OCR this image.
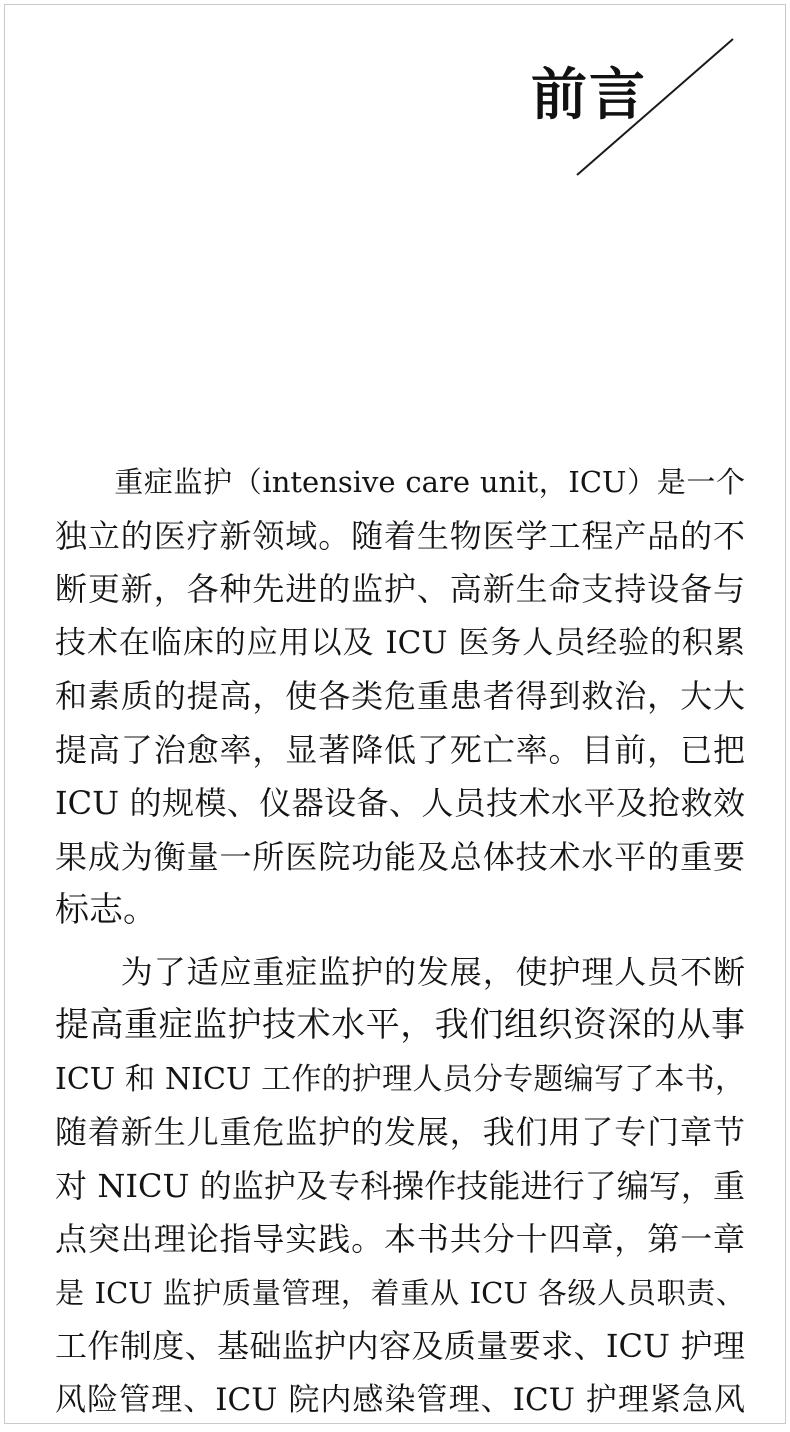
前言
　　重症监护（intensive care unit，ICU）是一个
独立的医疗新领域。随着生物医学工程产品的不
断更新，各种先进的监护、高新生命支持设备与
技术在临床的应用以及 ICU 医务人员经验的积累
和素质的提高，使各类危重患者得到救治，大大
提高了治愈率，显著降低了死亡率。目前，已把
ICU 的规模、仪器设备、人员技术水平及抢救效
果成为衡量一所医院功能及总体技术水平的重要
标志。
　　为了适应重症监护的发展，使护理人员不断
提高重症监护技术水平，我们组织资深的从事
ICU 和 NICU 工作的护理人员分专题编写了本书，
随着新生儿重危监护的发展，我们用了专门章节
对 NICU 的监护及专科操作技能进行了编写，重
点突出理论指导实践。本书共分十四章，第一章
是 ICU 监护质量管理，着重从 ICU 各级人员职责、
工作制度、基础监护内容及质量要求、ICU 护理
风险管理、ICU 院内感染管理、ICU 护理紧急风
